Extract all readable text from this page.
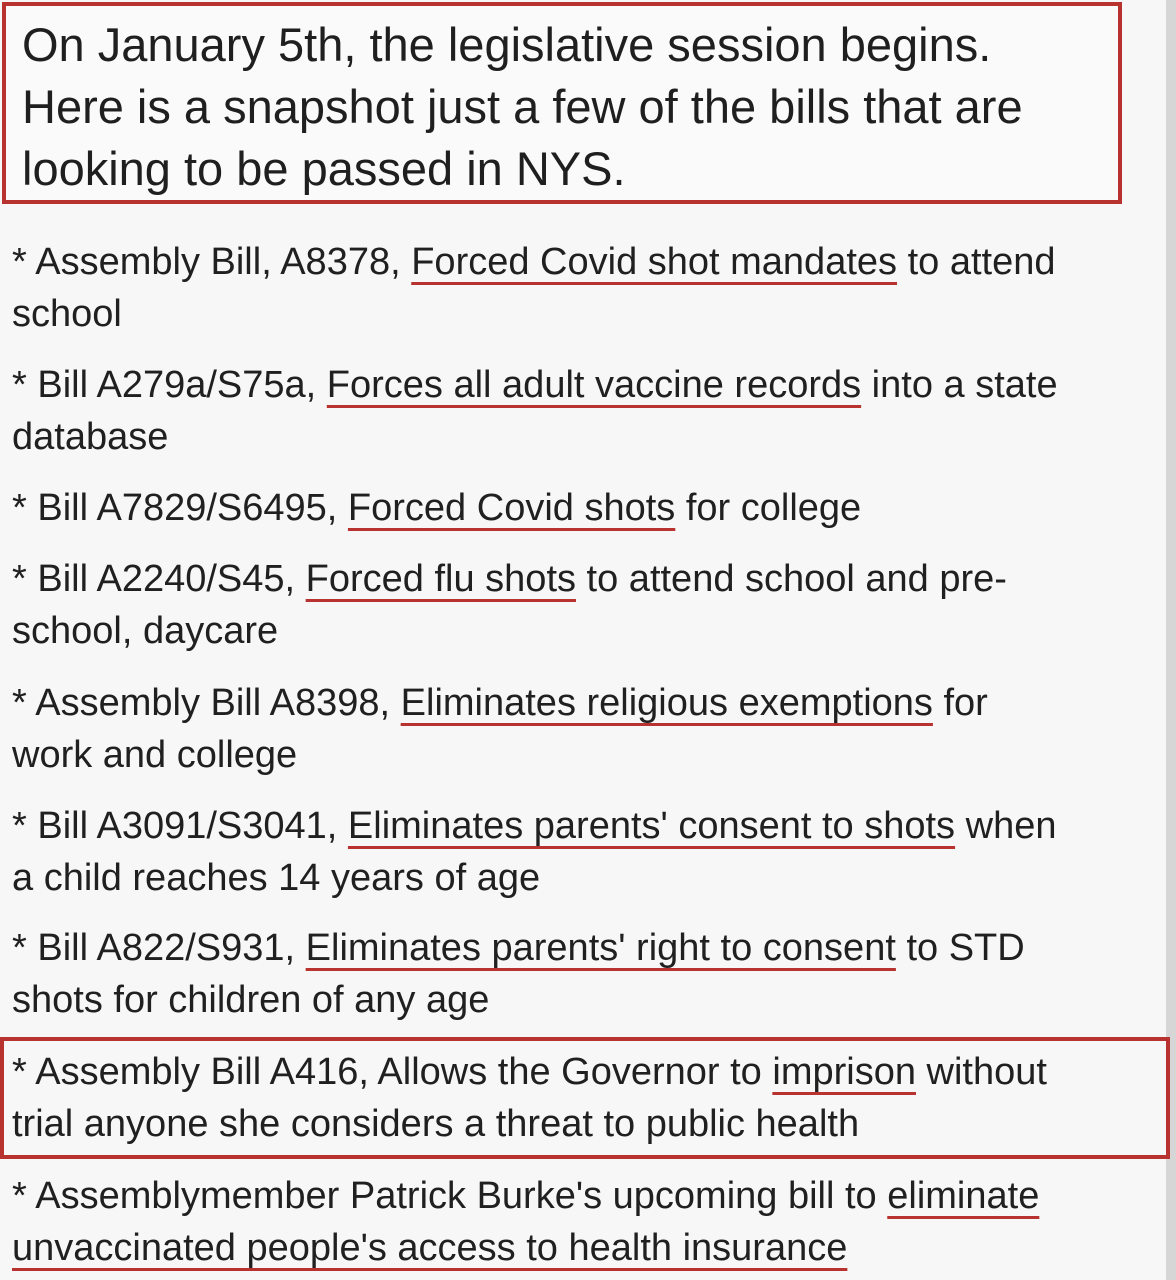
On January 5th, the legislative session begins.
Here is a snapshot just a few of the bills that are
looking to be passed in NYS.
* Assembly Bill, A8378, Forced Covid shot mandates to attend
school
* Bill A279a/S75a, Forces all adult vaccine records into a state
database
* Bill A7829/S6495, Forced Covid shots for college
* Bill A2240/S45, Forced flu shots to attend school and pre-
school, daycare
* Assembly Bill A8398, Eliminates religious exemptions for
work and college
* Bill A3091/S3041, Eliminates parents' consent to shots when
a child reaches 14 years of age
* Bill A822/S931, Eliminates parents' right to consent to STD
shots for children of any age
* Assembly Bill A416, Allows the Governor to imprison without
trial anyone she considers a threat to public health
* Assemblymember Patrick Burke's upcoming bill to eliminate
unvaccinated people's access to health insurance
